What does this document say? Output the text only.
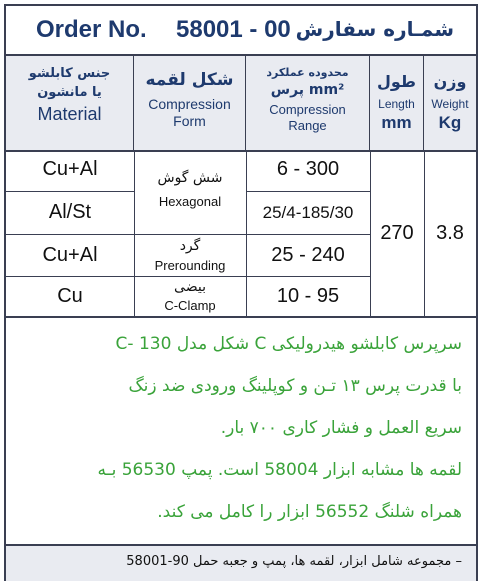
Order No. 58001 - 00 شمـاره سفارش
جنس کابلشو
یا مانشون
Material
شکل لقمه
Compression
Form
محدوده عملکرد
mm² پرس
Compression
Range
طول
Length
mm
وزن
Weight
Kg
Cu+Al
Al/St
Cu+Al
Cu
شش گوش
Hexagonal
گرد
Prerounding
بیضی
C-Clamp
6 - 300
25/4-185/30
25 - 240
10 - 95
270	3.8
سرپرس کابلشو هیدرولیکی C شکل مدل 130 -C
با قدرت پرس ۱۳ تـن و کوپلینگ ورودی ضد زنگ
سریع العمل و فشار کاری ۷۰۰ بار.
لقمه ها مشابه ابزار 58004 است. پمپ 56530 بـه
همراه شلنگ 56552 ابزار را کامل می کند.
– مجموعه شامل ابزار، لقمه ها، پمپ و جعبه حمل 90-58001
